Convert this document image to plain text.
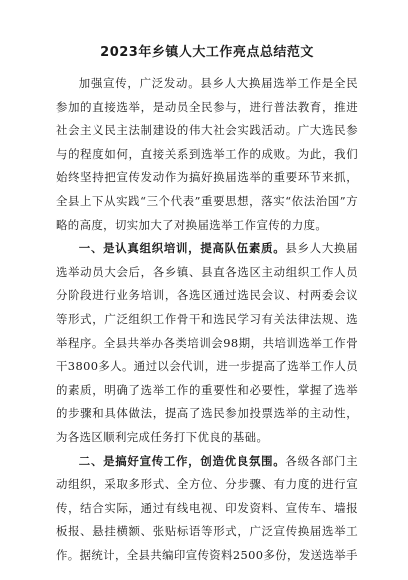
2023年乡镇人大工作亮点总结范文

加强宣传，广泛发动。县乡人大换届选举工作是全民参加的直接选举，是动员全民参与，进行普法教育，推进社会主义民主法制建设的伟大社会实践活动。广大选民参与的程度如何，直接关系到选举工作的成败。为此，我们始终坚持把宣传发动作为搞好换届选举的重要环节来抓，全县上下从实践“三个代表”重要思想，落实“依法治国”方略的高度，切实加大了对换届选举工作宣传的力度。

一、是认真组织培训，提高队伍素质。县乡人大换届选举动员大会后，各乡镇、县直各选区主动组织工作人员分阶段进行业务培训，各选区通过选民会议、村两委会议等形式，广泛组织工作骨干和选民学习有关法律法规、选举程序。全县共举办各类培训会98期，共培训选举工作骨干3800多人。通过以会代训，进一步提高了选举工作人员的素质，明确了选举工作的重要性和必要性，掌握了选举的步骤和具体做法，提高了选民参加投票选举的主动性，为各选区顺利完成任务打下优良的基础。

二、是搞好宣传工作，创造优良氛围。各级各部门主动组织，采取多形式、全方位、分步骤、有力度的进行宣传，结合实际，通过有线电视、印发资料、宣传车、墙报板报、悬挂横额、张贴标语等形式，广泛宣传换届选举工作。据统计，全县共编印宣传资料2500多份，发送选举手
